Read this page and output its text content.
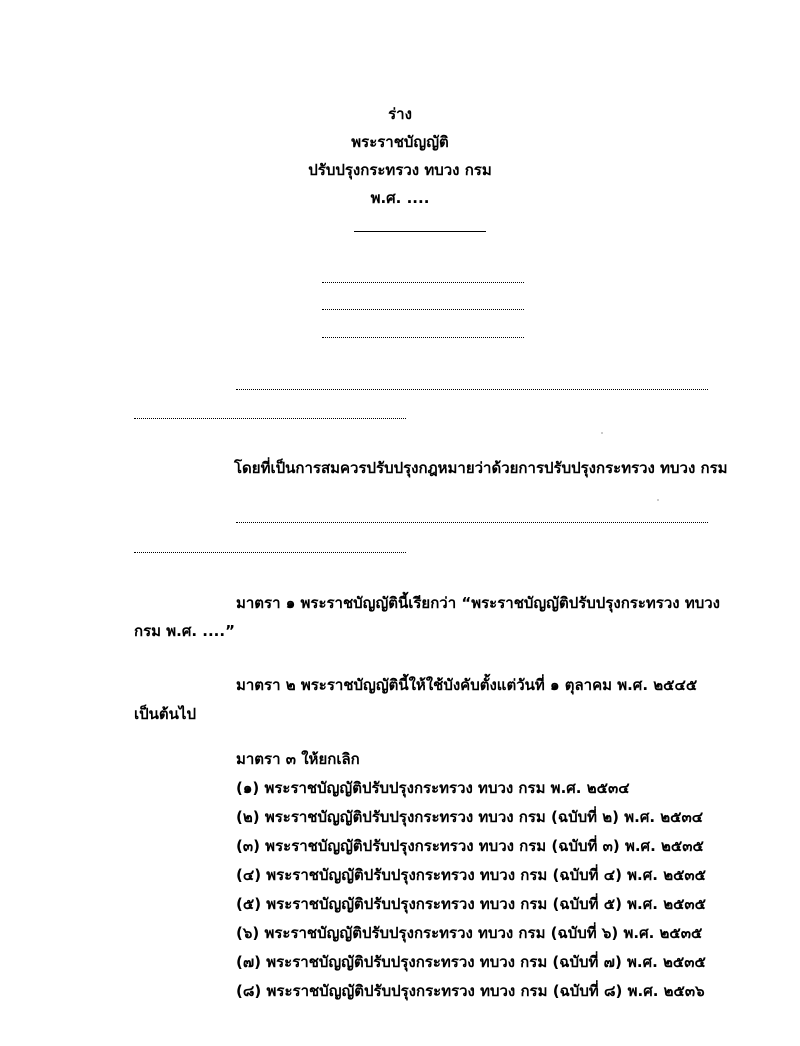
ร่าง
พระราชบัญญัติ
ปรับปรุงกระทรวง ทบวง กรม
พ.ศ. ....
โดยที่เป็นการสมควรปรับปรุงกฎหมายว่าด้วยการปรับปรุงกระทรวง ทบวง กรม
มาตรา ๑ พระราชบัญญัตินี้เรียกว่า “พระราชบัญญัติปรับปรุงกระทรวง ทบวง
กรม พ.ศ. ....”
มาตรา ๒ พระราชบัญญัตินี้ให้ใช้บังคับตั้งแต่วันที่ ๑ ตุลาคม พ.ศ. ๒๕๔๕
เป็นต้นไป
มาตรา ๓ ให้ยกเลิก
(๑) พระราชบัญญัติปรับปรุงกระทรวง ทบวง กรม พ.ศ. ๒๕๓๔
(๒) พระราชบัญญัติปรับปรุงกระทรวง ทบวง กรม (ฉบับที่ ๒) พ.ศ. ๒๕๓๔
(๓) พระราชบัญญัติปรับปรุงกระทรวง ทบวง กรม (ฉบับที่ ๓) พ.ศ. ๒๕๓๕
(๔) พระราชบัญญัติปรับปรุงกระทรวง ทบวง กรม (ฉบับที่ ๔) พ.ศ. ๒๕๓๕
(๕) พระราชบัญญัติปรับปรุงกระทรวง ทบวง กรม (ฉบับที่ ๕) พ.ศ. ๒๕๓๕
(๖) พระราชบัญญัติปรับปรุงกระทรวง ทบวง กรม (ฉบับที่ ๖) พ.ศ. ๒๕๓๕
(๗) พระราชบัญญัติปรับปรุงกระทรวง ทบวง กรม (ฉบับที่ ๗) พ.ศ. ๒๕๓๕
(๘) พระราชบัญญัติปรับปรุงกระทรวง ทบวง กรม (ฉบับที่ ๘) พ.ศ. ๒๕๓๖
